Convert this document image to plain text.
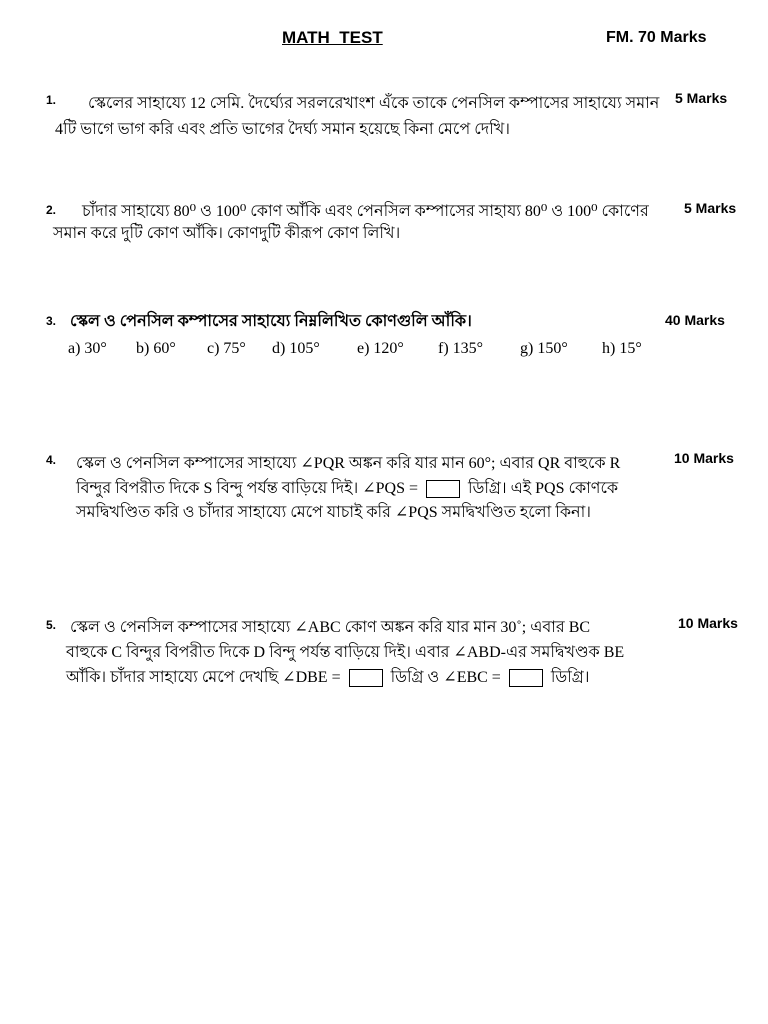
MATH  TEST	FM. 70 Marks
1.	5 Marks
স্কেলের সাহায্যে 12 সেমি. দৈর্ঘ্যের সরলরেখাংশ এঁকে তাকে পেনসিল কম্পাসের সাহায্যে সমান
4টি ভাগে ভাগ করি এবং প্রতি ভাগের দৈর্ঘ্য সমান হয়েছে কিনা মেপে দেখি।
2.	5 Marks
চাঁদার সাহায্যে 80⁰ ও 100⁰ কোণ আঁকি এবং পেনসিল কম্পাসের সাহায্য 80⁰ ও 100⁰ কোণের
সমান করে দুটি কোণ আঁকি। কোণদুটি কীরূপ কোণ লিখি।
3.	40 Marks
স্কেল ও পেনসিল কম্পাসের সাহায্যে নিম্নলিখিত কোণগুলি আঁকি।
a) 30°	b) 60°	c) 75°	d) 105°	e) 120°	f) 135°	g) 150°	h) 15°
4.	10 Marks
স্কেল ও পেনসিল কম্পাসের সাহায্যে ∠PQR অঙ্কন করি যার মান 60°; এবার QR বাহুকে R
বিন্দুর বিপরীত দিকে S বিন্দু পর্যন্ত বাড়িয়ে দিই। ∠PQS =	ডিগ্রি। এই PQS কোণকে
সমদ্বিখণ্ডিত করি ও চাঁদার সাহায্যে মেপে যাচাই করি ∠PQS সমদ্বিখণ্ডিত হলো কিনা।
5.	10 Marks
স্কেল ও পেনসিল কম্পাসের সাহায্যে ∠ABC কোণ অঙ্কন করি যার মান 30˚; এবার BC
বাহুকে C বিন্দুর বিপরীত দিকে D বিন্দু পর্যন্ত বাড়িয়ে দিই। এবার ∠ABD-এর সমদ্বিখণ্ডক BE
আঁকি। চাঁদার সাহায্যে মেপে দেখছি ∠DBE =	ডিগ্রি ও ∠EBC =	ডিগ্রি।
